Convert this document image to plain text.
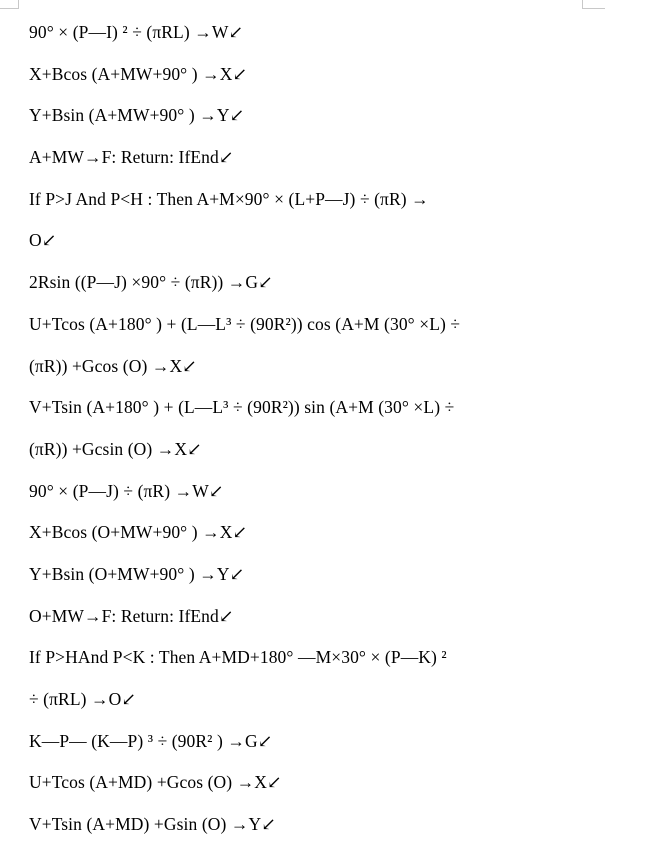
90° × (P—I) ² ÷ (πRL) →W↙
X+Bcos (A+MW+90° ) →X↙
Y+Bsin (A+MW+90° ) →Y↙
A+MW→F: Return: IfEnd↙
If P>J And P<H : Then A+M×90° × (L+P—J) ÷ (πR) →
O↙
2Rsin ((P—J) ×90° ÷ (πR)) →G↙
U+Tcos (A+180° ) + (L—L³ ÷ (90R²)) cos (A+M (30° ×L) ÷
(πR)) +Gcos (O) →X↙
V+Tsin (A+180° ) + (L—L³ ÷ (90R²)) sin (A+M (30° ×L) ÷
(πR)) +Gcsin (O) →X↙
90° × (P—J) ÷ (πR) →W↙
X+Bcos (O+MW+90° ) →X↙
Y+Bsin (O+MW+90° ) →Y↙
O+MW→F: Return: IfEnd↙
If P>HAnd P<K : Then A+MD+180° —M×30° × (P—K) ²
÷ (πRL) →O↙
K—P— (K—P) ³ ÷ (90R² ) →G↙
U+Tcos (A+MD) +Gcos (O) →X↙
V+Tsin (A+MD) +Gsin (O) →Y↙
